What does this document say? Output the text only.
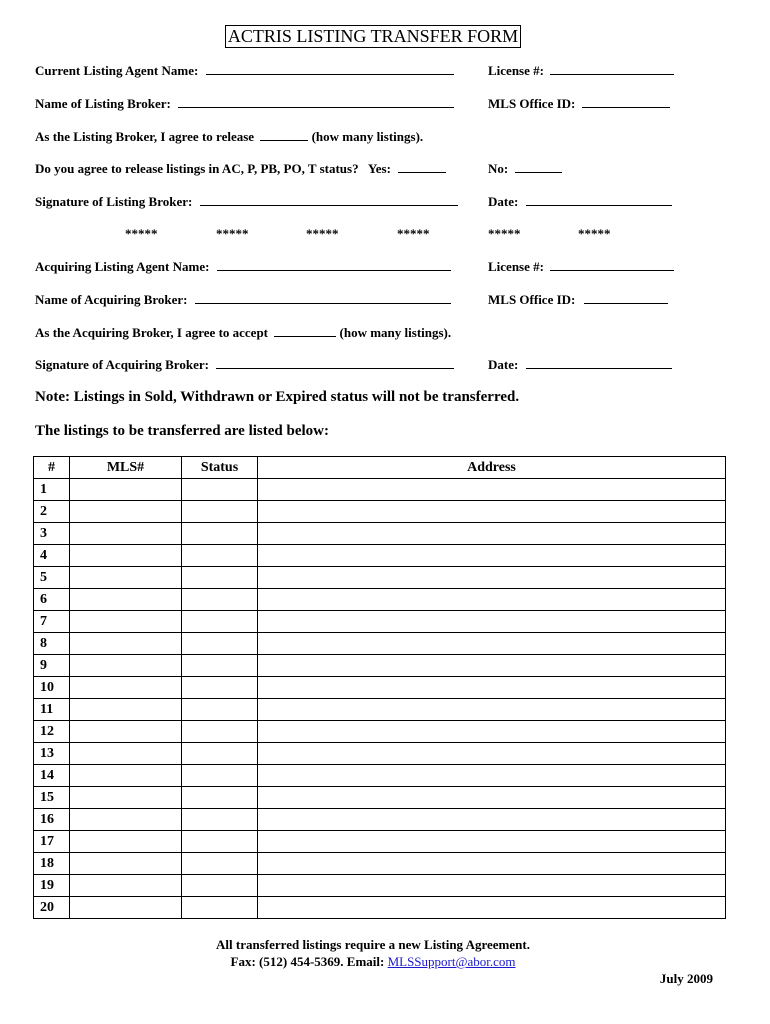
ACTRIS LISTING TRANSFER FORM
Current Listing Agent Name:	License #:
Name of Listing Broker:	MLS Office ID:
As the Listing Broker, I agree to release	(how many listings).
Do you agree to release listings in AC, P, PB, PO, T status? Yes:	No:
Signature of Listing Broker:	Date:
*****	*****	*****	*****	*****	*****
Acquiring Listing Agent Name:	License #:
Name of Acquiring Broker:	MLS Office ID:
As the Acquiring Broker, I agree to accept	(how many listings).
Signature of Acquiring Broker:	Date:
Note: Listings in Sold, Withdrawn or Expired status will not be transferred.
The listings to be transferred are listed below:
#	MLS#	Status	Address
1			
2			
3			
4			
5			
6			
7			
8			
9			
10			
11			
12			
13			
14			
15			
16			
17			
18			
19			
20			
All transferred listings require a new Listing Agreement.
Fax: (512) 454-5369. Email: MLSSupport@abor.com
July 2009
